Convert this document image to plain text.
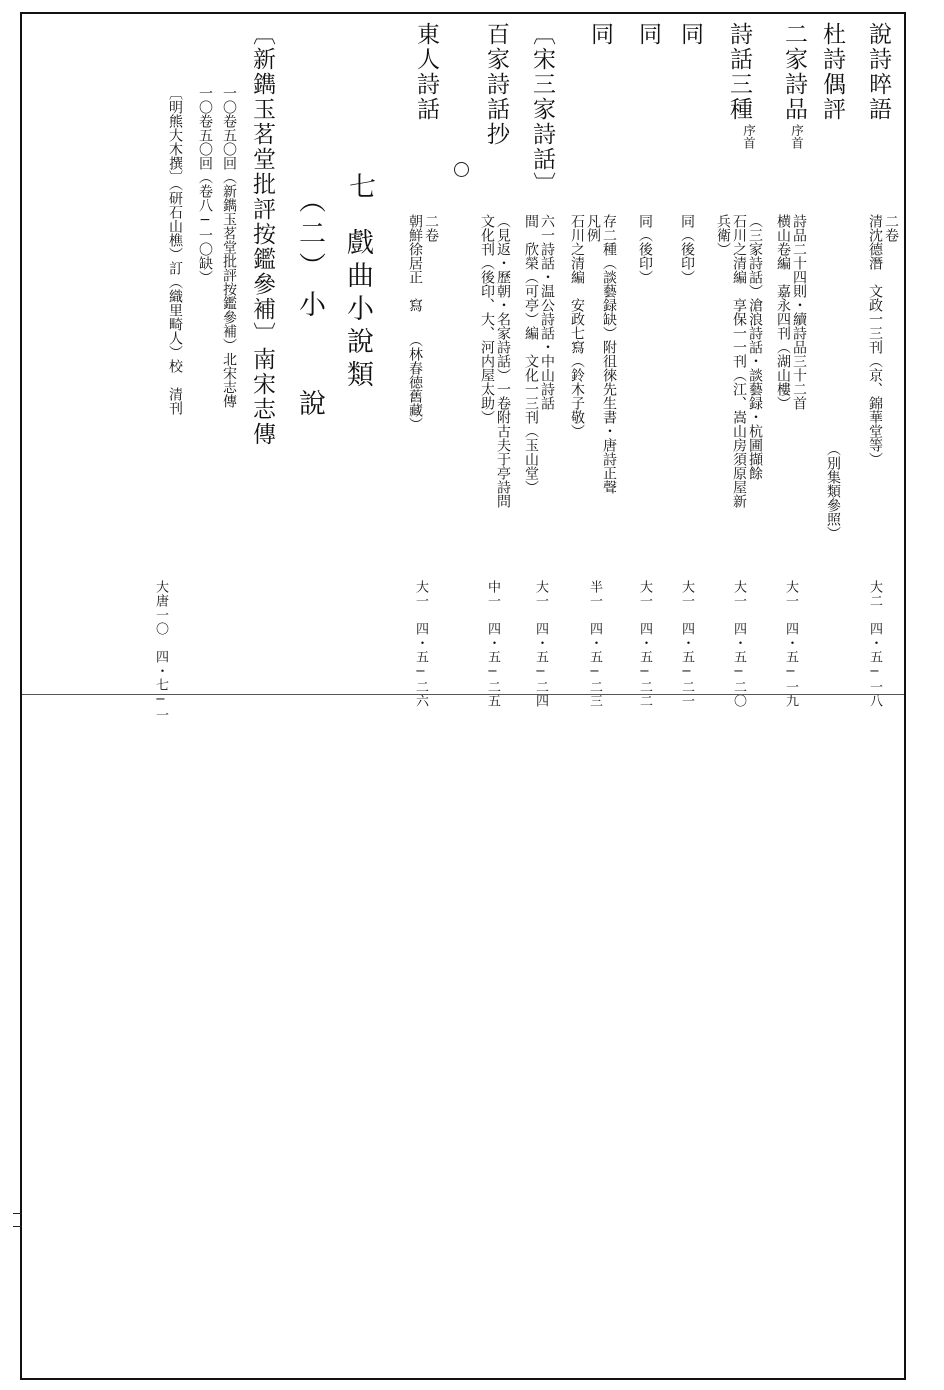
說詩晬語
二卷
清沈德潛　文政一三刊（京、錦華堂等）
大二　四・五−一八
杜詩偶評
（別集類參照）
二家詩品
序首
詩品二十四則・續詩品三十二首
横山卷編　嘉永四刊（湖山樓）
大一　四・五−一九
詩話三種
序首
（三家詩話）滄浪詩話・談藝録・杭圃擷餘
石川之清編　享保一一刊（江、嵩山房須原屋新
兵衛）
大一　四・五−二〇
同
同（後印）
大一　四・五−二一
同
同（後印）
大一　四・五−二二
同
存二種（談藝録缺）附徂徠先生書・唐詩正聲
凡例
石川之清編　安政七寫（鈴木子敬）
半一　四・五−二三
〔宋三家詩話〕
六一詩話・温公詩話・中山詩話
間　欣榮（可亭）編　文化一三刊（玉山堂）
大一　四・五−二四
百家詩話抄
（見返・歷朝・名家詩話）一卷附古夫于亭詩問
文化刊（後印、大、河内屋太助）
中一　四・五−二五
東人詩話
二卷
朝鮮徐居正　寫　　（林春徳舊藏）
大一　四・五−二六
七
戲曲小說類
（二）
小　　說
〔新鐫玉茗堂批評按鑑參補〕南宋志傳
一〇卷五〇回（新鐫玉茗堂批評按鑑參補）北宋志傳
一〇卷五〇回（卷八−一〇缺）
〔明熊大木撰〕（研石山樵）訂（織里畸人）校　清刊
大唐一〇　四・七−一
